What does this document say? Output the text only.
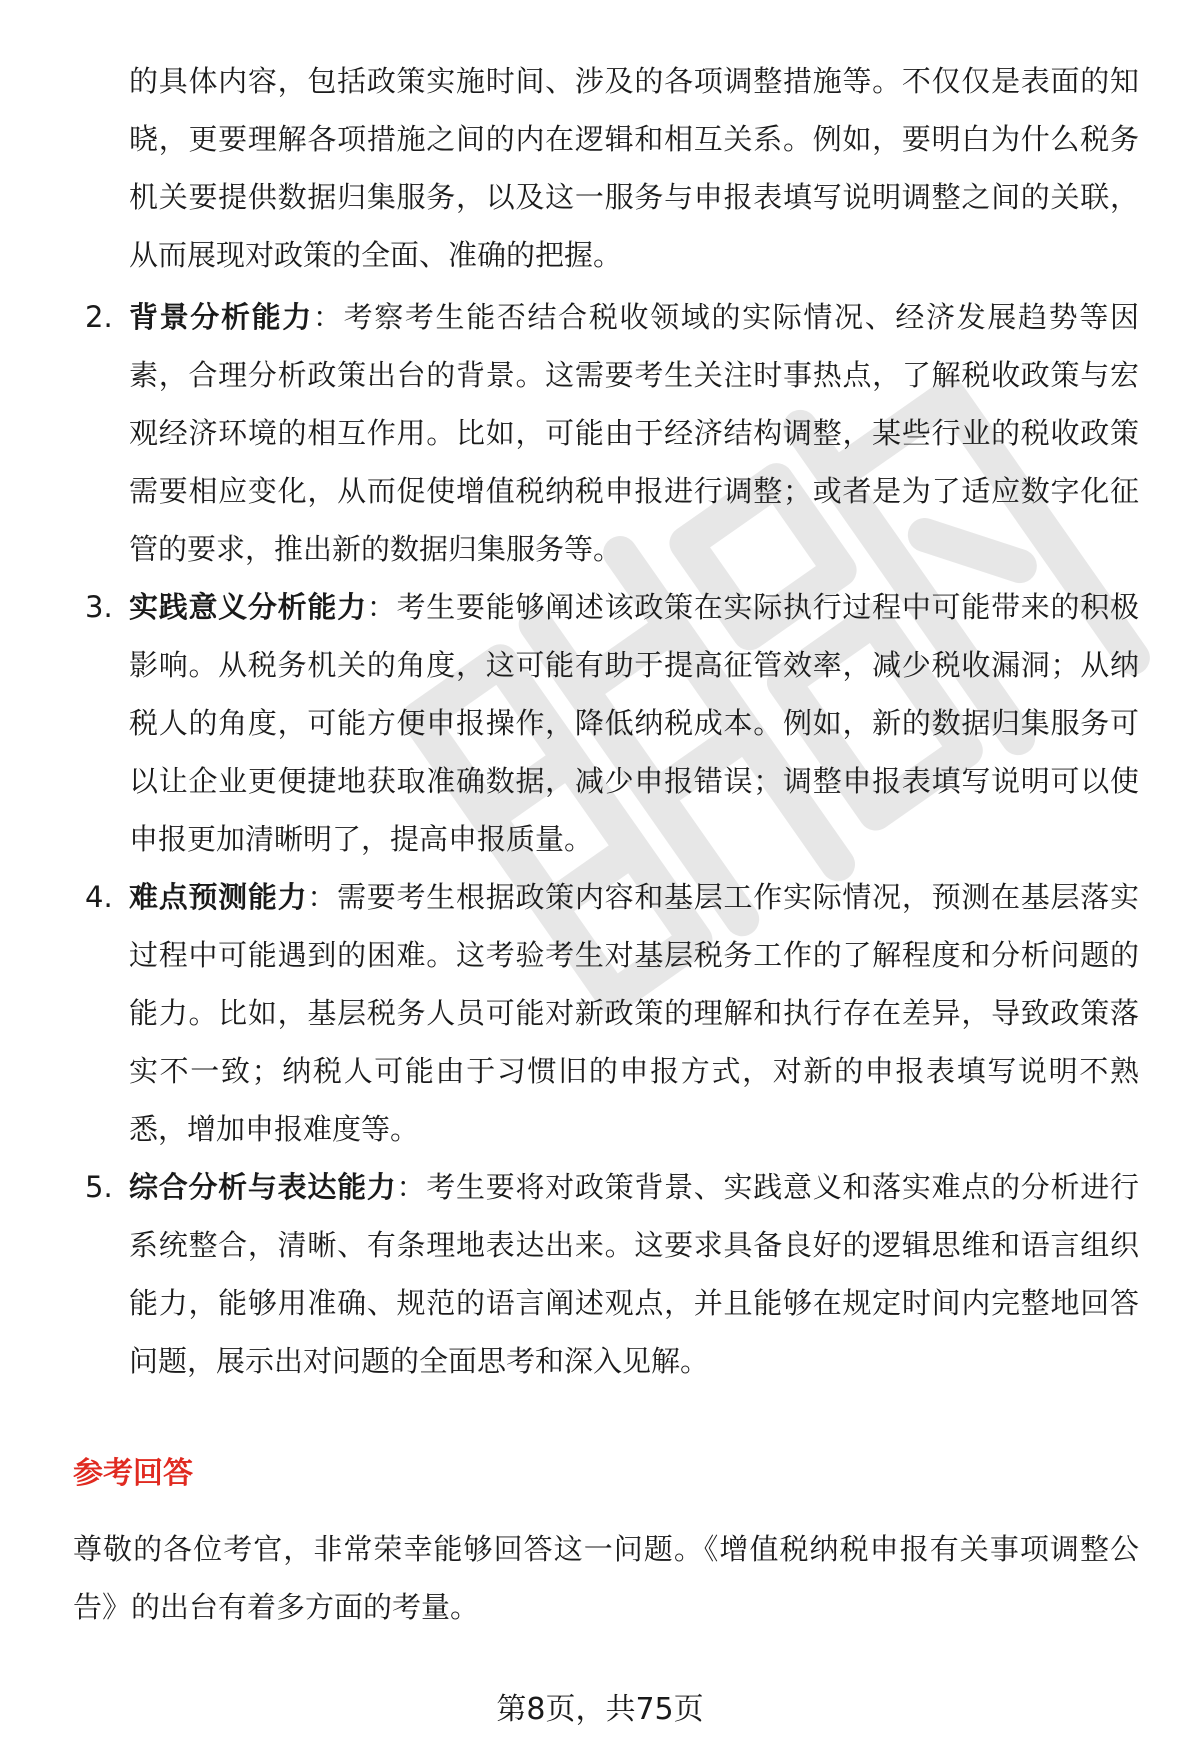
的具体内容，包括政策实施时间、涉及的各项调整措施等。不仅仅是表面的知晓，更要理解各项措施之间的内在逻辑和相互关系。例如，要明白为什么税务机关要提供数据归集服务，以及这一服务与申报表填写说明调整之间的关联，从而展现对政策的全面、准确的把握。

2. 背景分析能力：考察考生能否结合税收领域的实际情况、经济发展趋势等因素，合理分析政策出台的背景。这需要考生关注时事热点，了解税收政策与宏观经济环境的相互作用。比如，可能由于经济结构调整，某些行业的税收政策需要相应变化，从而促使增值税纳税申报进行调整；或者是为了适应数字化征管的要求，推出新的数据归集服务等。

3. 实践意义分析能力：考生要能够阐述该政策在实际执行过程中可能带来的积极影响。从税务机关的角度，这可能有助于提高征管效率，减少税收漏洞；从纳税人的角度，可能方便申报操作，降低纳税成本。例如，新的数据归集服务可以让企业更便捷地获取准确数据，减少申报错误；调整申报表填写说明可以使申报更加清晰明了，提高申报质量。

4. 难点预测能力：需要考生根据政策内容和基层工作实际情况，预测在基层落实过程中可能遇到的困难。这考验考生对基层税务工作的了解程度和分析问题的能力。比如，基层税务人员可能对新政策的理解和执行存在差异，导致政策落实不一致；纳税人可能由于习惯旧的申报方式，对新的申报表填写说明不熟悉，增加申报难度等。

5. 综合分析与表达能力：考生要将对政策背景、实践意义和落实难点的分析进行系统整合，清晰、有条理地表达出来。这要求具备良好的逻辑思维和语言组织能力，能够用准确、规范的语言阐述观点，并且能够在规定时间内完整地回答问题，展示出对问题的全面思考和深入见解。

参考回答

尊敬的各位考官，非常荣幸能够回答这一问题。《增值税纳税申报有关事项调整公告》的出台有着多方面的考量。

第8页，共75页
